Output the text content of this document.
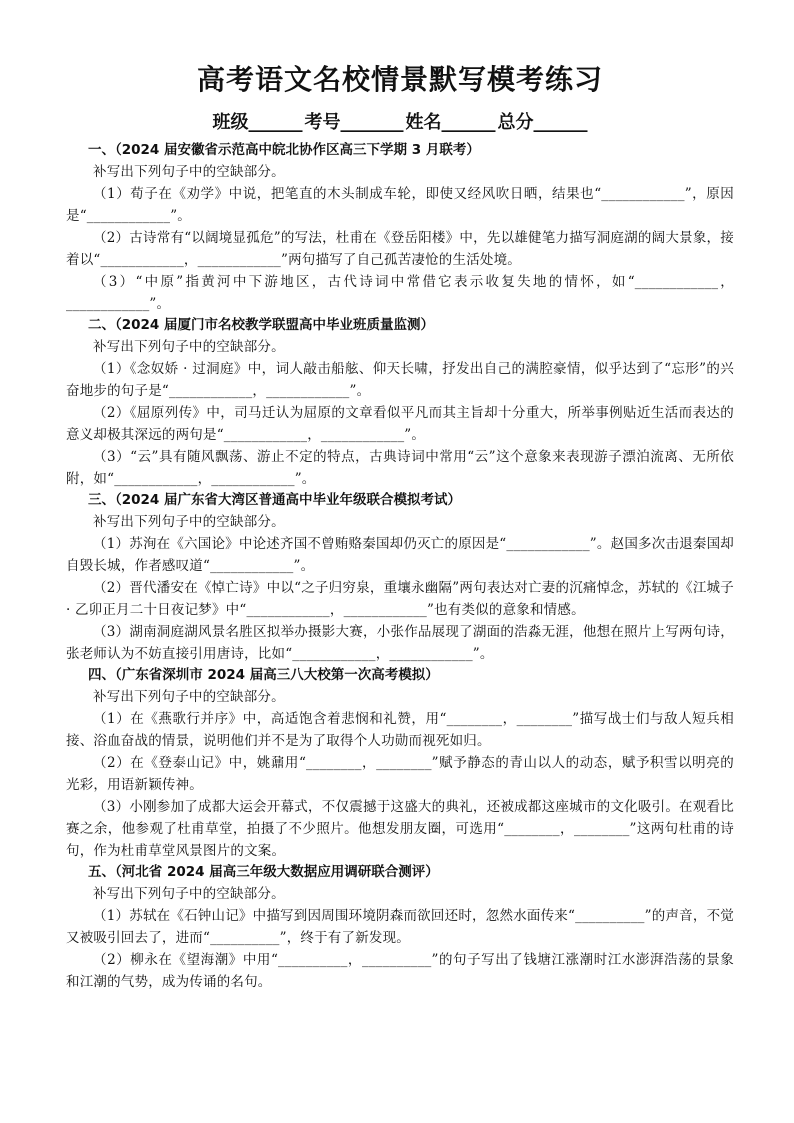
高考语文名校情景默写模考练习
班级______ 考号_______ 姓名______ 总分______
一、（2024 届安徽省示范高中皖北协作区高三下学期 3 月联考）

补写出下列句子中的空缺部分。

（1）荀子在《劝学》中说，把笔直的木头制成车轮，即使又经风吹日晒，结果也“____________”，原因是“____________”。

（2）古诗常有“以阔境显孤危”的写法，杜甫在《登岳阳楼》中，先以雄健笔力描写洞庭湖的阔大景象，接着以“____________，____________”两句描写了自己孤苦凄怆的生活处境。

（3）“中原”指黄河中下游地区，古代诗词中常借它表示收复失地的情怀，如“____________，____________”。

二、（2024 届厦门市名校教学联盟高中毕业班质量监测）

补写出下列句子中的空缺部分。

（1）《念奴娇 · 过洞庭》中，词人敲击船舷、仰天长啸，抒发出自己的满腔豪情，似乎达到了“忘形”的兴奋地步的句子是“____________，____________”。

（2）《屈原列传》中，司马迁认为屈原的文章看似平凡而其主旨却十分重大，所举事例贴近生活而表达的意义却极其深远的两句是“____________，____________”。

（3）“云”具有随风飘荡、游止不定的特点，古典诗词中常用“云”这个意象来表现游子漂泊流离、无所依附，如“____________，____________”。

三、（2024 届广东省大湾区普通高中毕业年级联合模拟考试）

补写出下列句子中的空缺部分。

（1）苏洵在《六国论》中论述齐国不曾贿赂秦国却仍灭亡的原因是“____________”。赵国多次击退秦国却自毁长城，作者感叹道“____________”。

（2）晋代潘安在《悼亡诗》中以“之子归穷泉，重壤永幽隔”两句表达对亡妻的沉痛悼念，苏轼的《江城子 · 乙卯正月二十日夜记梦》中“____________，____________”也有类似的意象和情感。

（3）湖南洞庭湖风景名胜区拟举办摄影大赛，小张作品展现了湖面的浩淼无涯，他想在照片上写两句诗，张老师认为不妨直接引用唐诗，比如“____________，____________”。

四、（广东省深圳市 2024 届高三八大校第一次高考模拟）

补写出下列句子中的空缺部分。

（1）在《燕歌行并序》中，高适饱含着悲悯和礼赞，用“________，________”描写战士们与敌人短兵相接、浴血奋战的情景，说明他们并不是为了取得个人功勋而视死如归。

（2）在《登泰山记》中，姚鼐用“________，________”赋予静态的青山以人的动态，赋予积雪以明亮的光彩，用语新颖传神。

（3）小刚参加了成都大运会开幕式，不仅震撼于这盛大的典礼，还被成都这座城市的文化吸引。在观看比赛之余，他参观了杜甫草堂，拍摄了不少照片。他想发朋友圈，可选用“________，________”这两句杜甫的诗句，作为杜甫草堂风景图片的文案。

五、（河北省 2024 届高三年级大数据应用调研联合测评）

补写出下列句子中的空缺部分。

（1）苏轼在《石钟山记》中描写到因周围环境阴森而欲回还时，忽然水面传来“__________”的声音，不觉又被吸引回去了，进而“__________”，终于有了新发现。

（2）柳永在《望海潮》中用“__________，__________”的句子写出了钱塘江涨潮时江水澎湃浩荡的景象和江潮的气势，成为传诵的名句。
